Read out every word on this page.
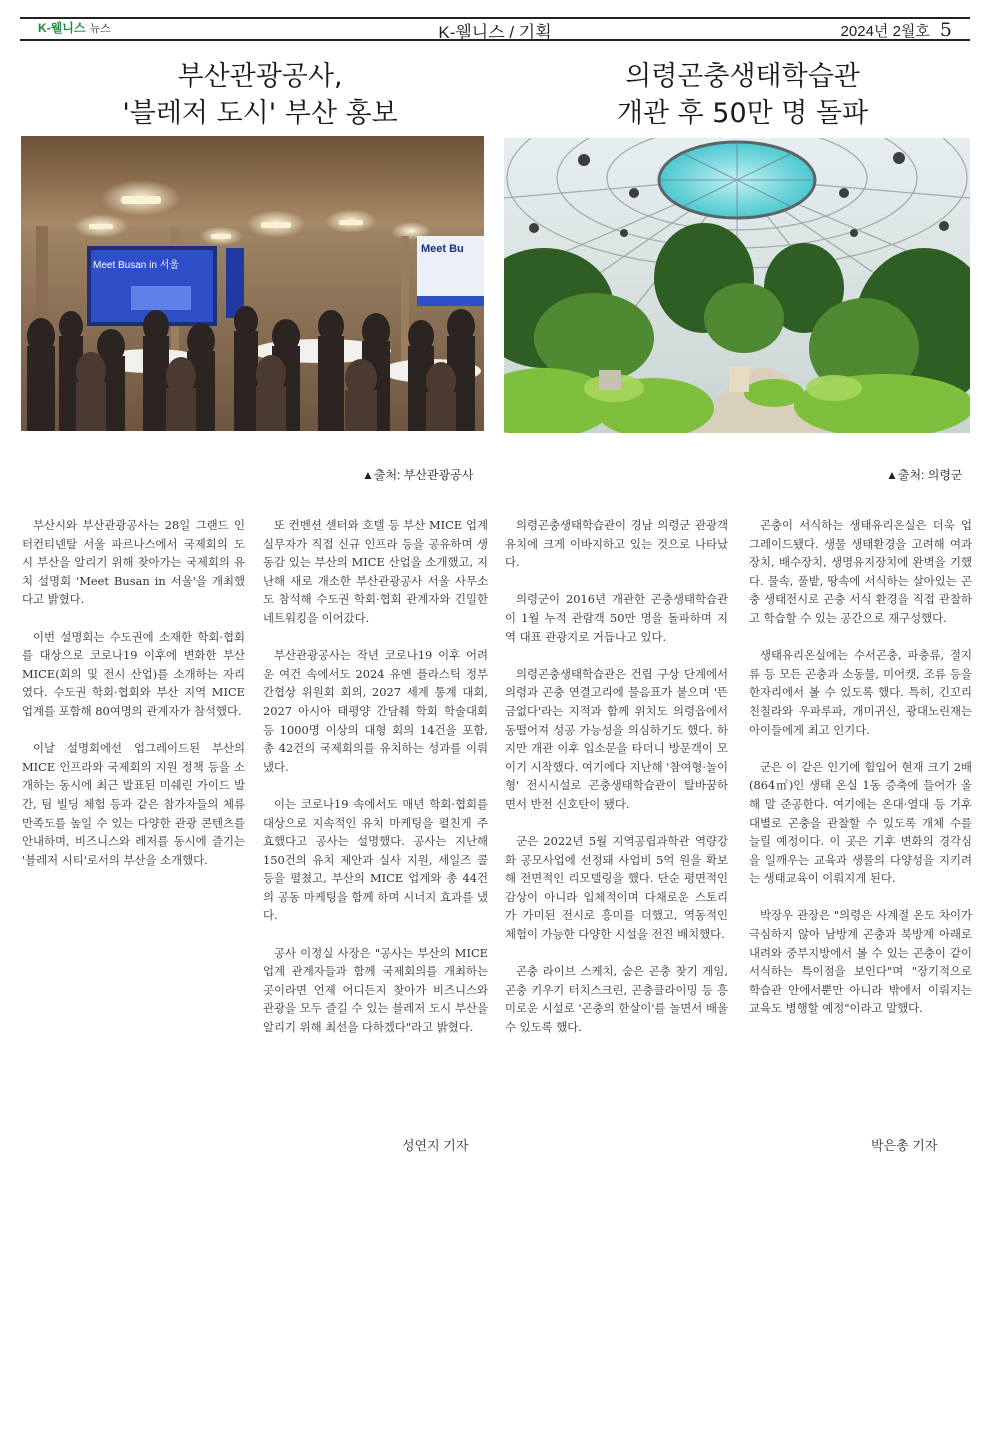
K-웰니스 뉴스	K-웰니스 / 기획	2024년 2월호 5
부산관광공사,
'블레저 도시' 부산 홍보
의령곤충생태학습관
개관 후 50만 명 돌파
Meet Busan in 서울
Meet Bu
▲출처: 부산관광공사	▲출처: 의령군

부산시와 부산관광공사는 28일 그랜드 인터컨티넨탈 서울 파르나스에서 국제회의 도시 부산을 알리기 위해 찾아가는 국제회의 유치 설명회 'Meet Busan in 서울'을 개최했다고 밝혔다.

이번 설명회는 수도권에 소재한 학회·협회를 대상으로 코로나19 이후에 변화한 부산 MICE(회의 및 전시 산업)를 소개하는 자리였다. 수도권 학회·협회와 부산 지역 MICE 업계를 포함해 80여명의 관계자가 참석했다.

이날 설명회에선 업그레이드된 부산의 MICE 인프라와 국제회의 지원 정책 등을 소개하는 동시에 최근 발표된 미쉐린 가이드 발간, 팀 빌딩 체험 등과 같은 참가자들의 체류 만족도를 높일 수 있는 다양한 관광 콘텐츠를 안내하며, 비즈니스와 레저를 동시에 즐기는 '블레저 시티'로서의 부산을 소개했다.

또 컨벤션 센터와 호텔 등 부산 MICE 업계 실무자가 직접 신규 인프라 등을 공유하며 생동감 있는 부산의 MICE 산업을 소개했고, 지난해 새로 개소한 부산관광공사 서울 사무소도 참석해 수도권 학회·협회 관계자와 긴밀한 네트워킹을 이어갔다.

부산관광공사는 작년 코로나19 이후 어려운 여건 속에서도 2024 유엔 플라스틱 정부 간협상 위원회 회의, 2027 세계 통계 대회, 2027 아시아 태평양 간담췌 학회 학술대회 등 1000명 이상의 대형 회의 14건을 포함, 총 42건의 국제회의를 유치하는 성과를 이뤄냈다.

이는 코로나19 속에서도 매년 학회·협회를 대상으로 지속적인 유치 마케팅을 펼친게 주효했다고 공사는 설명했다. 공사는 지난해 150건의 유치 제안과 실사 지원, 세일즈 콜 등을 펼쳤고, 부산의 MICE 업계와 총 44건의 공동 마케팅을 함께 하며 시너지 효과를 냈다.

공사 이정실 사장은 "공사는 부산의 MICE 업계 관계자들과 함께 국제회의를 개최하는 곳이라면 언제 어디든지 찾아가 비즈니스와 관광을 모두 즐길 수 있는 블레저 도시 부산을 알리기 위해 최선을 다하겠다"라고 밝혔다.

의령곤충생태학습관이 경남 의령군 관광객 유치에 크게 이바지하고 있는 것으로 나타났다.

의령군이 2016년 개관한 곤충생태학습관이 1월 누적 관람객 50만 명을 돌파하며 지역 대표 관광지로 거듭나고 있다.

의령곤충생태학습관은 건립 구상 단계에서 의령과 곤충 연결고리에 물음표가 붙으며 '뜬금없다'라는 지적과 함께 위치도 의령읍에서 동떨어져 성공 가능성을 의심하기도 했다. 하지만 개관 이후 입소문을 타더니 방문객이 모이기 시작했다. 여기에다 지난해 '참여형·놀이형' 전시시설로 곤충생태학습관이 탈바꿈하면서 반전 신호탄이 됐다.

군은 2022년 5월 지역공립과학관 역량강화 공모사업에 선정돼 사업비 5억 원을 확보해 전면적인 리모델링을 했다. 단순 평면적인 감상이 아니라 입체적이며 다채로운 스토리가 가미된 전시로 흥미를 더했고, 역동적인 체험이 가능한 다양한 시설을 전진 배치했다.

곤충 라이브 스케치, 숨은 곤충 찾기 게임, 곤충 키우기 터치스크린, 곤충클라이밍 등 흥미로운 시설로 '곤충의 한살이'를 놀면서 배울 수 있도록 했다.

곤충이 서식하는 생태유리온실은 더욱 업그레이드됐다. 생물 생태환경을 고려해 여과장치, 배수장치, 생명유지장치에 완벽을 기했다. 물속, 풀밭, 땅속에 서식하는 살아있는 곤충 생태전시로 곤충 서식 환경을 직접 관찰하고 학습할 수 있는 공간으로 재구성했다.

생태유리온실에는 수서곤충, 파충류, 절지류 등 모든 곤충과 소동물, 미어캣, 조류 등을 한자리에서 볼 수 있도록 했다. 특히, 긴꼬리친칠라와 우파루파, 개미귀신, 광대노린재는 아이들에게 최고 인기다.

군은 이 같은 인기에 힘입어 현재 크기 2배(864㎡)인 생태 온실 1동 증축에 들어가 올해 말 준공한다. 여기에는 온대·열대 등 기후대별로 곤충을 관찰할 수 있도록 개체 수를 늘릴 예정이다. 이 곳은 기후 변화의 경각심을 일깨우는 교육과 생물의 다양성을 지키려는 생태교육이 이뤄지게 된다.

박장우 관장은 "의령은 사계절 온도 차이가 극심하지 않아 남방계 곤충과 북방계 아래로 내려와 중부지방에서 볼 수 있는 곤충이 같이 서식하는 특이점을 보인다"며 "장기적으로 학습관 안에서뿐만 아니라 밖에서 이뤄지는 교육도 병행할 예정"이라고 말했다.

성연지 기자	박은총 기자
